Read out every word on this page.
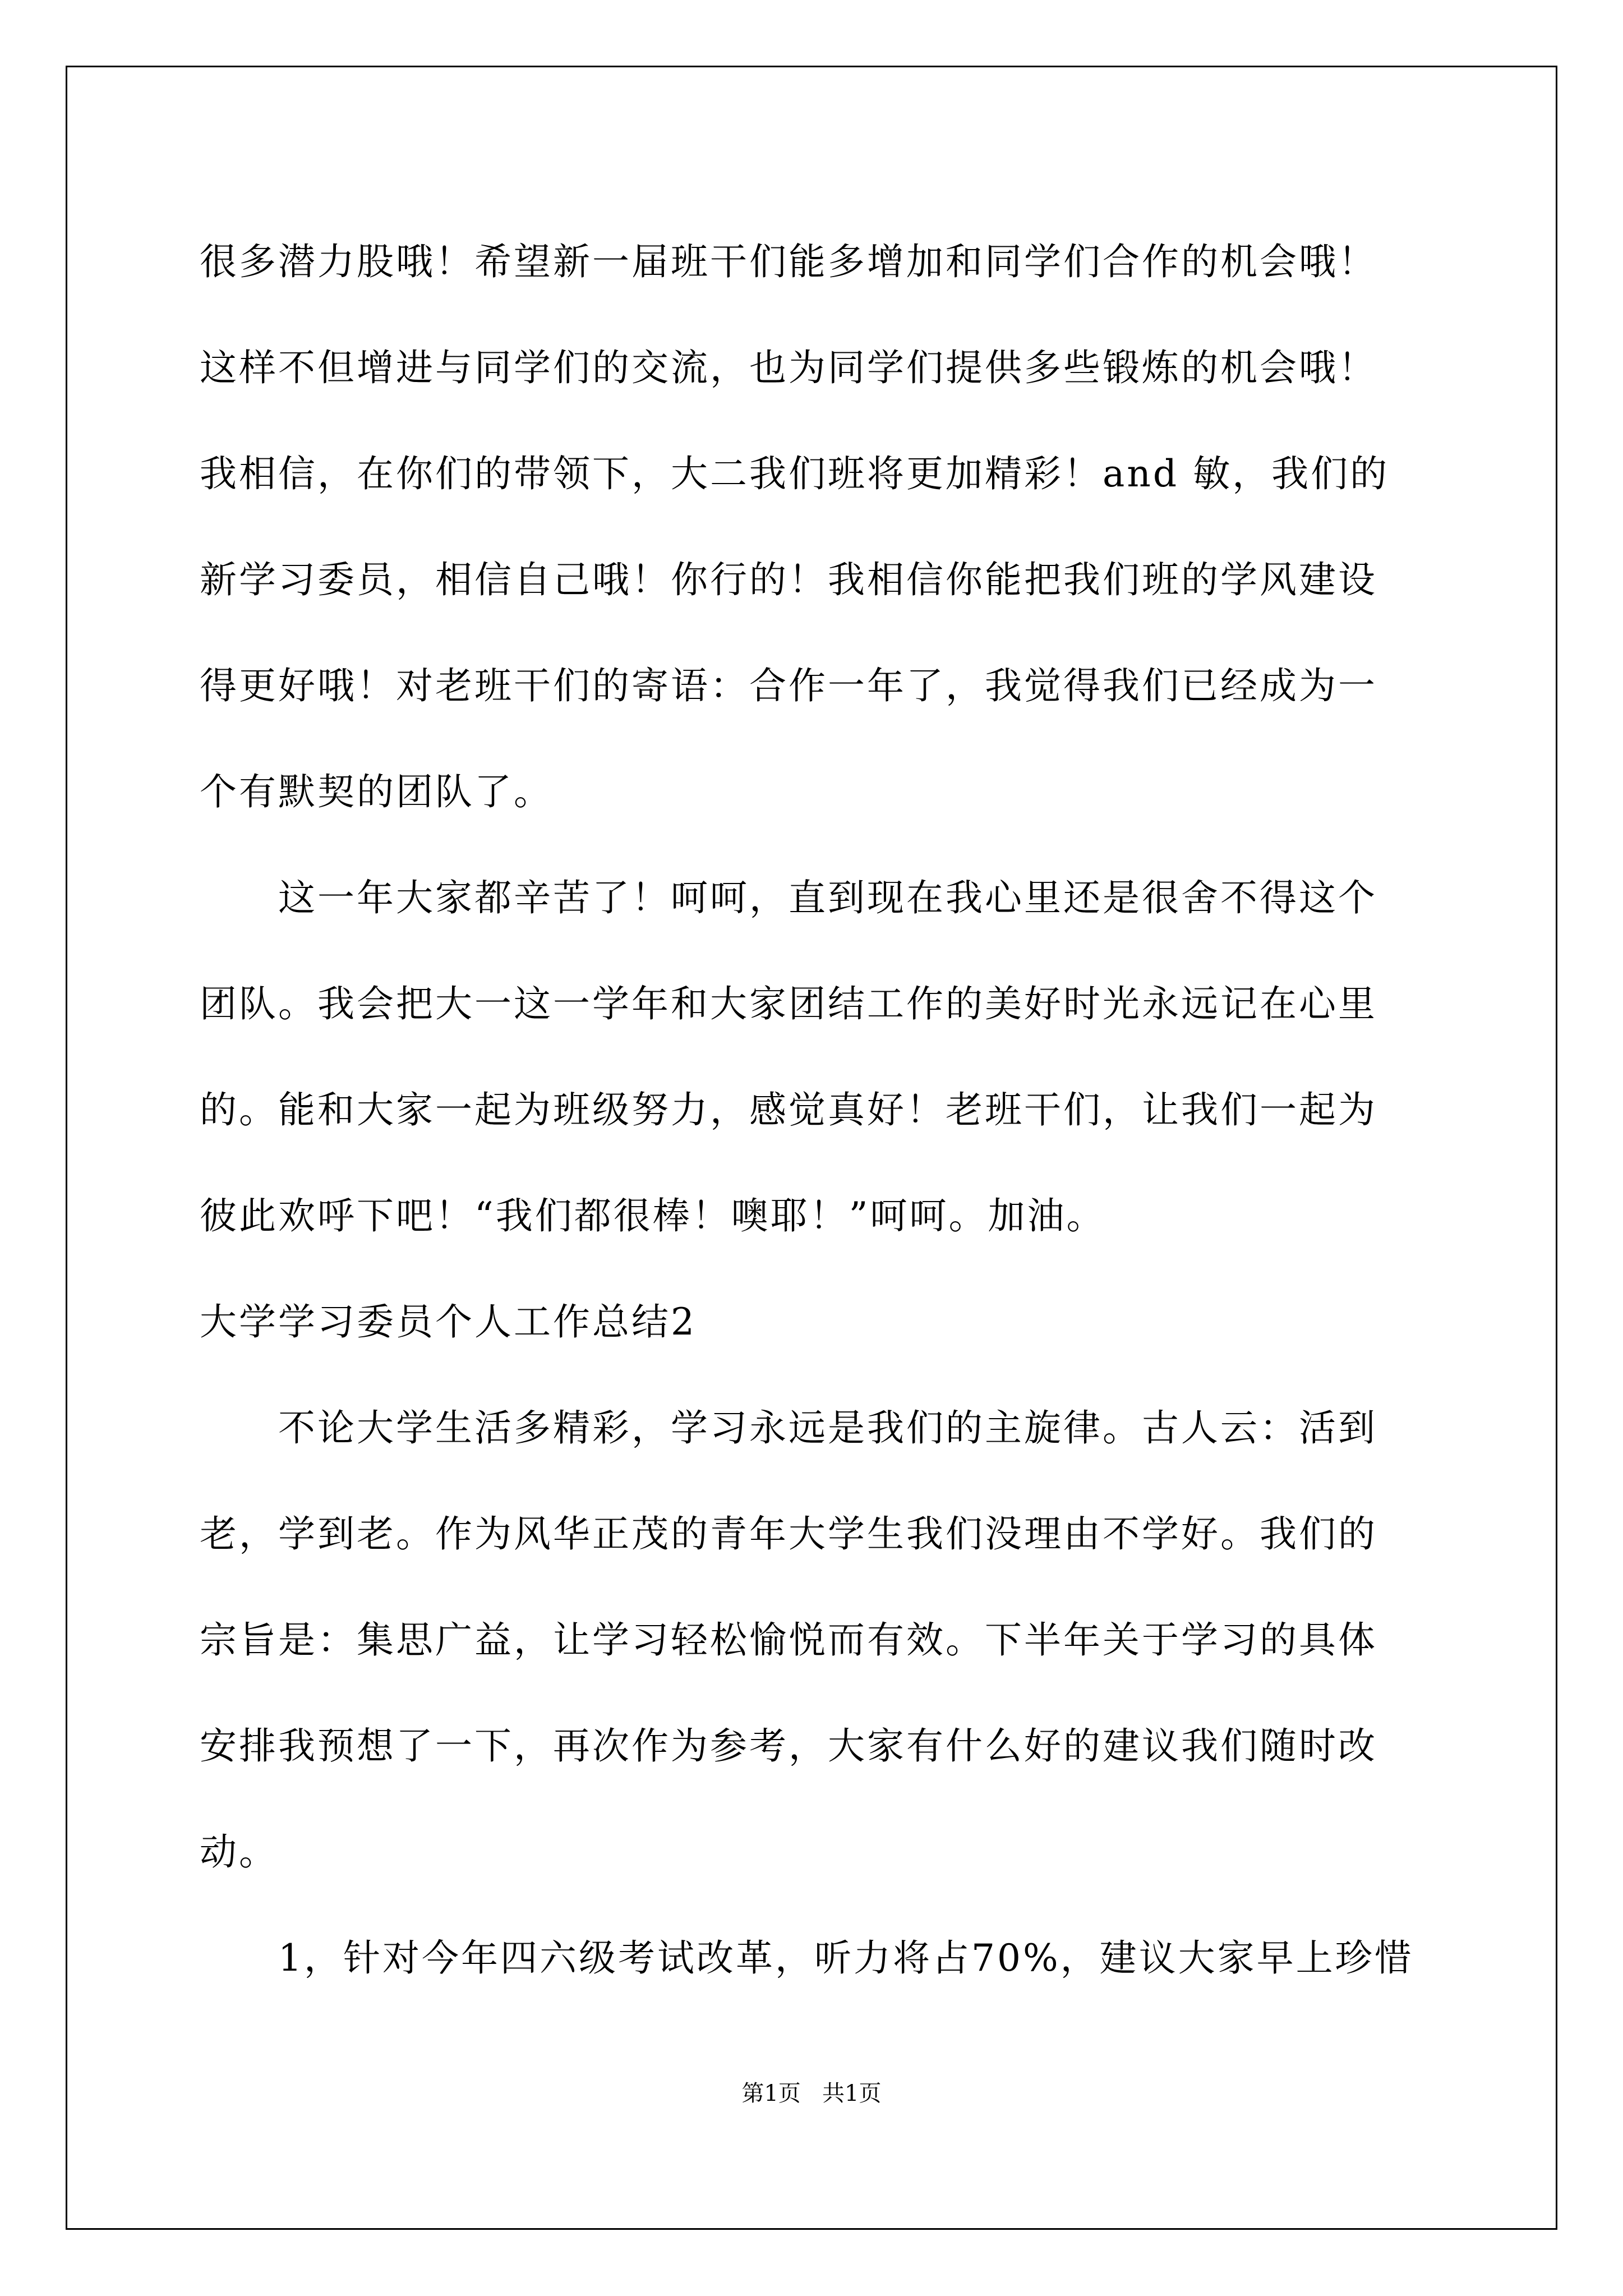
很多潜力股哦！希望新一届班干们能多增加和同学们合作的机会哦！

这样不但增进与同学们的交流，也为同学们提供多些锻炼的机会哦！

我相信，在你们的带领下，大二我们班将更加精彩！and 敏，我们的

新学习委员，相信自己哦！你行的！我相信你能把我们班的学风建设

得更好哦！对老班干们的寄语：合作一年了，我觉得我们已经成为一

个有默契的团队了。

这一年大家都辛苦了！呵呵，直到现在我心里还是很舍不得这个

团队。我会把大一这一学年和大家团结工作的美好时光永远记在心里

的。能和大家一起为班级努力，感觉真好！老班干们，让我们一起为

彼此欢呼下吧！“我们都很棒！噢耶！”呵呵。加油。

大学学习委员个人工作总结2

不论大学生活多精彩，学习永远是我们的主旋律。古人云：活到

老，学到老。作为风华正茂的青年大学生我们没理由不学好。我们的

宗旨是：集思广益，让学习轻松愉悦而有效。下半年关于学习的具体

安排我预想了一下，再次作为参考，大家有什么好的建议我们随时改

动。

1，针对今年四六级考试改革，听力将占70%，建议大家早上珍惜

第1页   共1页
